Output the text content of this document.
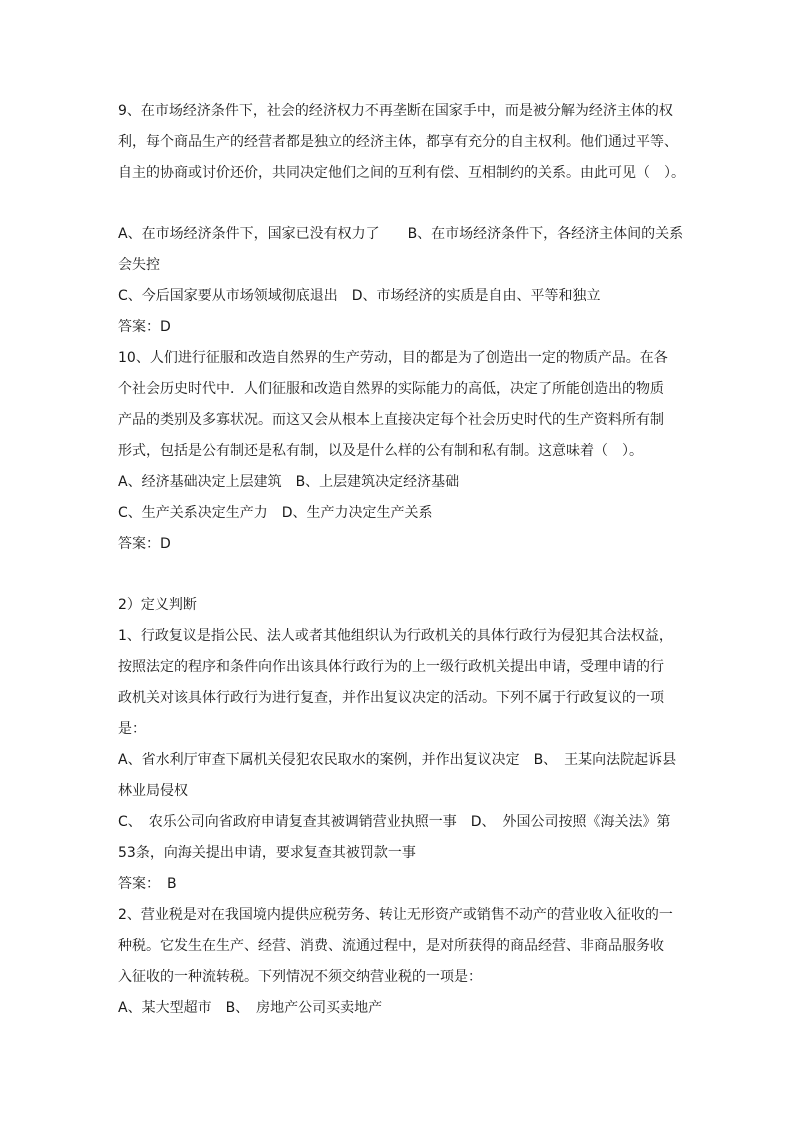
9、在市场经济条件下，社会的经济权力不再垄断在国家手中，而是被分解为经济主体的权
利，每个商品生产的经营者都是独立的经济主体，都享有充分的自主权利。他们通过平等、
自主的协商或讨价还价，共同决定他们之间的互利有偿、互相制约的关系。由此可见（　）。
A、在市场经济条件下，国家已没有权力了　　B、在市场经济条件下，各经济主体间的关系
会失控
C、今后国家要从市场领域彻底退出　D、市场经济的实质是自由、平等和独立
答案：D
10、人们进行征服和改造自然界的生产劳动，目的都是为了创造出一定的物质产品。在各
个社会历史时代中．人们征服和改造自然界的实际能力的高低，决定了所能创造出的物质
产品的类别及多寡状况。而这又会从根本上直接决定每个社会历史时代的生产资料所有制
形式，包括是公有制还是私有制，以及是什么样的公有制和私有制。这意味着（　）。
A、经济基础决定上层建筑　B、上层建筑决定经济基础
C、生产关系决定生产力　D、生产力决定生产关系
答案：D
2）定义判断
1、行政复议是指公民、法人或者其他组织认为行政机关的具体行政行为侵犯其合法权益，
按照法定的程序和条件向作出该具体行政行为的上一级行政机关提出申请，受理申请的行
政机关对该具体行政行为进行复查，并作出复议决定的活动。下列不属于行政复议的一项
是：
A、省水利厅审查下属机关侵犯农民取水的案例，并作出复议决定　B、　王某向法院起诉县
林业局侵权
C、　农乐公司向省政府申请复查其被调销营业执照一事　D、　外国公司按照《海关法》第
53条，向海关提出申请，要求复查其被罚款一事
答案：　B
2、营业税是对在我国境内提供应税劳务、转让无形资产或销售不动产的营业收入征收的一
种税。它发生在生产、经营、消费、流通过程中，是对所获得的商品经营、非商品服务收
入征收的一种流转税。下列情况不须交纳营业税的一项是：
A、某大型超市　B、　房地产公司买卖地产
